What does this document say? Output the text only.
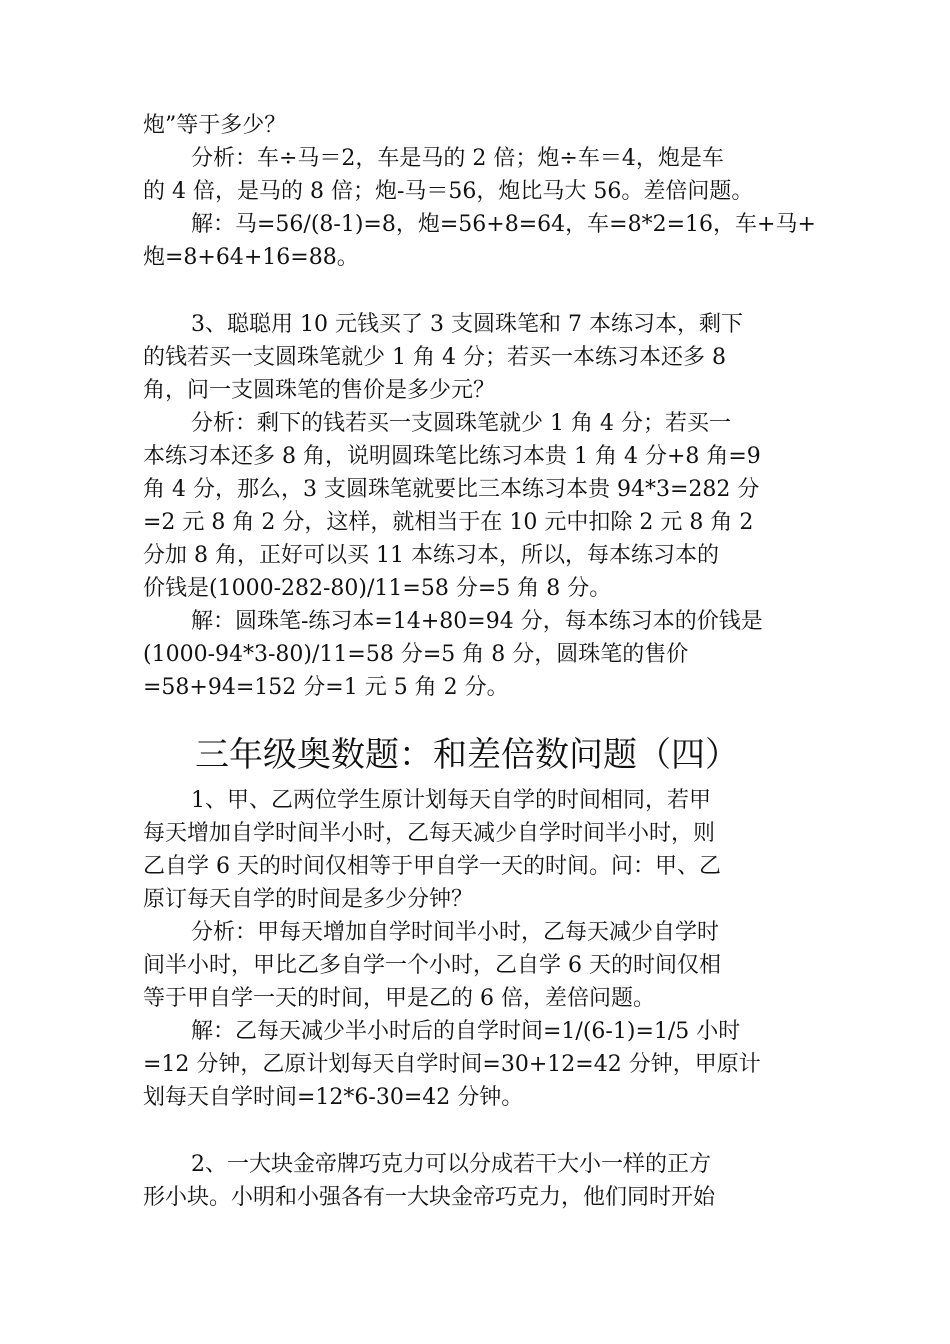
炮”等于多少？
分析：车÷马＝2，车是马的 2 倍；炮÷车＝4，炮是车
的 4 倍，是马的 8 倍；炮-马＝56，炮比马大 56。差倍问题。
解：马=56/(8-1)=8，炮=56+8=64，车=8*2=16，车+马+
炮=8+64+16=88。
3、聪聪用 10 元钱买了 3 支圆珠笔和 7 本练习本，剩下
的钱若买一支圆珠笔就少 1 角 4 分；若买一本练习本还多 8
角，问一支圆珠笔的售价是多少元？
分析：剩下的钱若买一支圆珠笔就少 1 角 4 分；若买一
本练习本还多 8 角，说明圆珠笔比练习本贵 1 角 4 分+8 角=9
角 4 分，那么，3 支圆珠笔就要比三本练习本贵 94*3=282 分
=2 元 8 角 2 分，这样，就相当于在 10 元中扣除 2 元 8 角 2
分加 8 角，正好可以买 11 本练习本，所以，每本练习本的
价钱是(1000-282-80)/11=58 分=5 角 8 分。
解：圆珠笔-练习本=14+80=94 分，每本练习本的价钱是
(1000-94*3-80)/11=58 分=5 角 8 分，圆珠笔的售价
=58+94=152 分=1 元 5 角 2 分。
三年级奥数题：和差倍数问题（四）
1、甲、乙两位学生原计划每天自学的时间相同，若甲
每天增加自学时间半小时，乙每天减少自学时间半小时，则
乙自学 6 天的时间仅相等于甲自学一天的时间。问：甲、乙
原订每天自学的时间是多少分钟？
分析：甲每天增加自学时间半小时，乙每天减少自学时
间半小时，甲比乙多自学一个小时，乙自学 6 天的时间仅相
等于甲自学一天的时间，甲是乙的 6 倍，差倍问题。
解：乙每天减少半小时后的自学时间=1/(6-1)=1/5 小时
=12 分钟，乙原计划每天自学时间=30+12=42 分钟，甲原计
划每天自学时间=12*6-30=42 分钟。
2、一大块金帝牌巧克力可以分成若干大小一样的正方
形小块。小明和小强各有一大块金帝巧克力，他们同时开始
